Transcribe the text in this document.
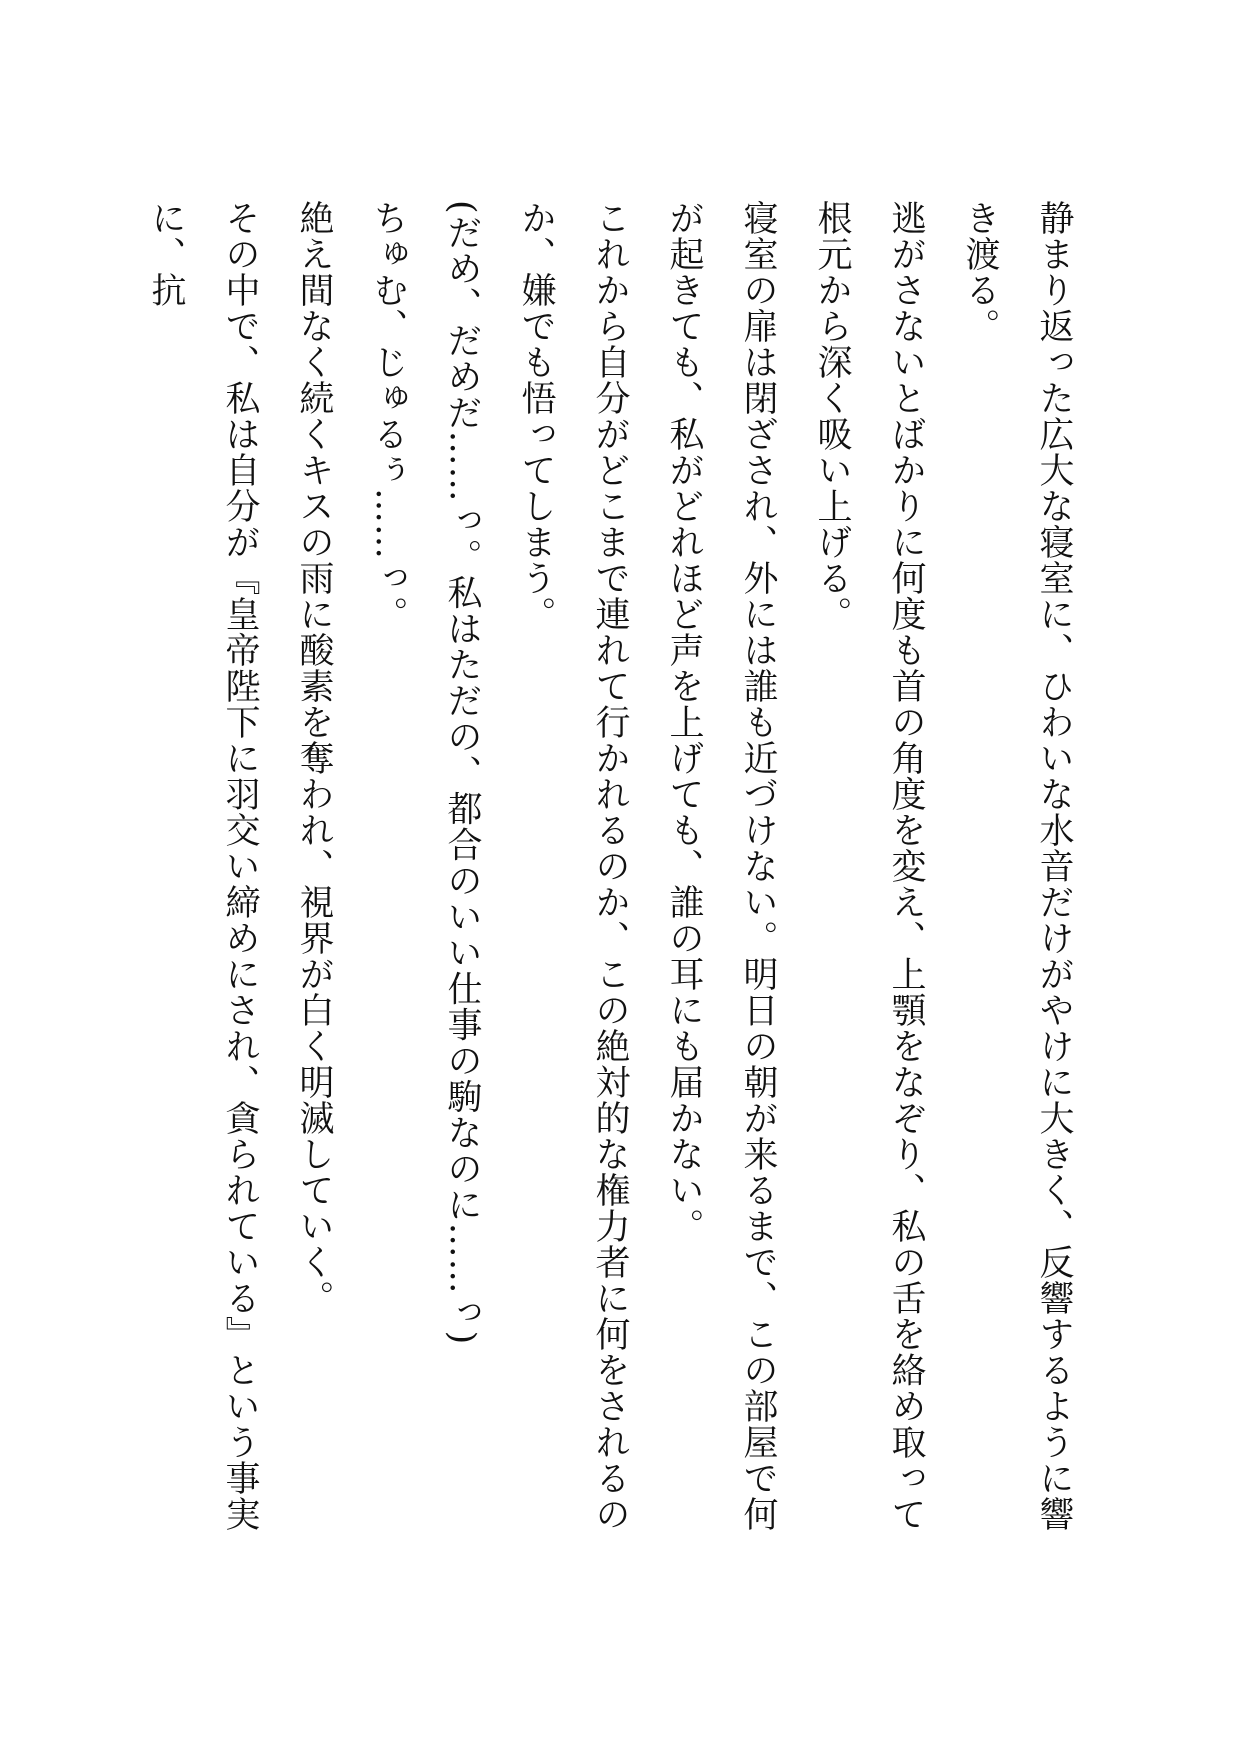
静まり返った広大な寝室に、ひわいな水音だけがやけに大きく、反響するように響き渡る。

逃がさないとばかりに何度も首の角度を変え、上顎をなぞり、私の舌を絡め取って根元から深く吸い上げる。

寝室の扉は閉ざされ、外には誰も近づけない。明日の朝が来るまで、この部屋で何が起きても、私がどれほど声を上げても、誰の耳にも届かない。

これから自分がどこまで連れて行かれるのか、この絶対的な権力者に何をされるのか、嫌でも悟ってしまう。

(だめ、だめだ……っ。私はただの、都合のいい仕事の駒なのに……っ)

ちゅむ、じゅるぅ……っ。

絶え間なく続くキスの雨に酸素を奪われ、視界が白く明滅していく。

その中で、私は自分が『皇帝陛下に羽交い締めにされ、貪られている』という事実に、抗
